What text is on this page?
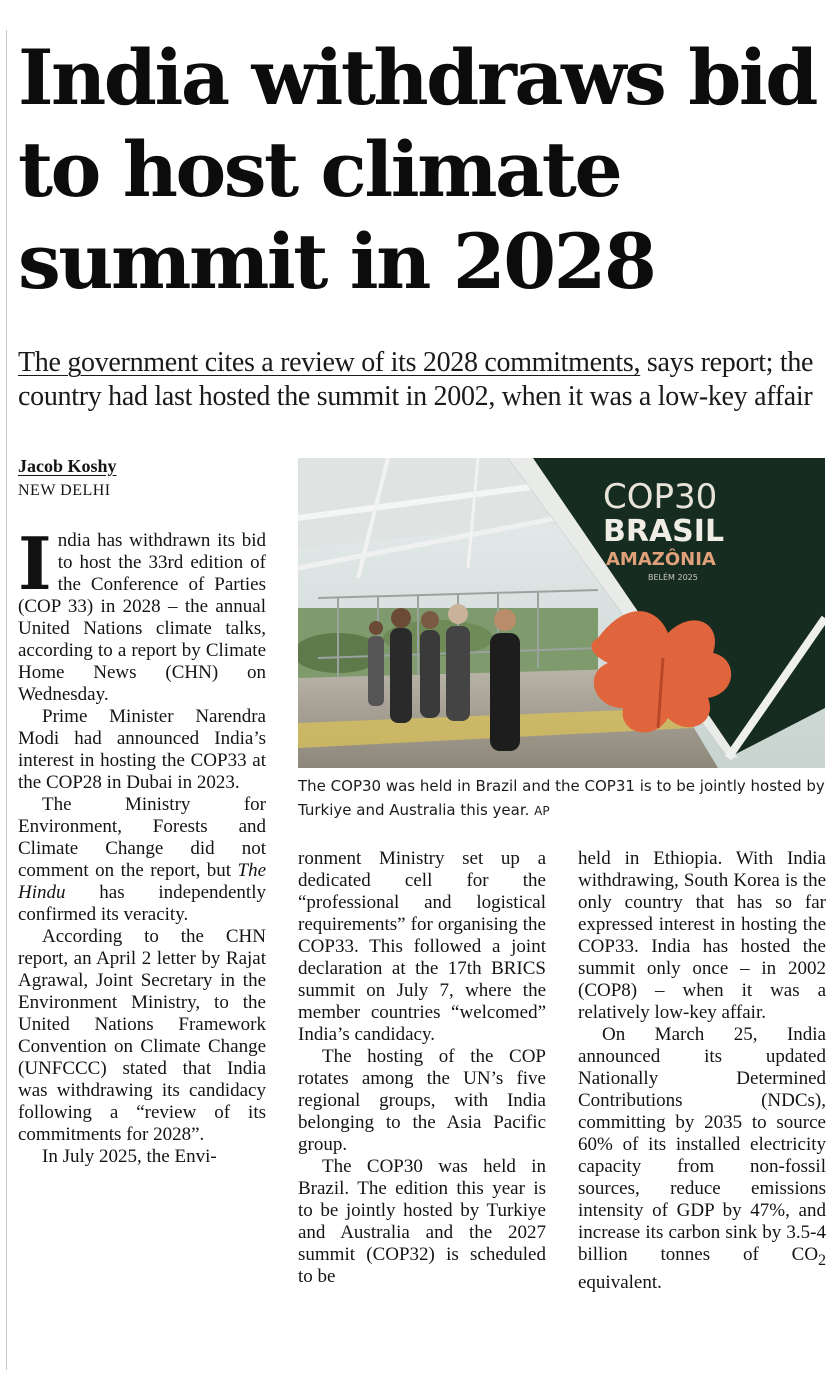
India withdraws bid to host climate summit in 2028

The government cites a review of its 2028 commitments, says report; the country had last hosted the summit in 2002, when it was a low-key affair

Jacob Koshy
NEW DELHI	COP30
BRASIL
AMAZÔNIA
BELÉM 2025
The COP30 was held in Brazil and the COP31 is to be jointly hosted by Turkiye and Australia this year. AP

India has withdrawn its bid to host the 33rd edition of the Conference of Parties (COP 33) in 2028 – the annual United Nations climate talks, according to a report by Climate Home News (CHN) on Wednesday.

Prime Minister Narendra Modi had announced India’s interest in hosting the COP33 at the COP28 in Dubai in 2023.

The Ministry for Environment, Forests and Climate Change did not comment on the report, but The Hindu has independently confirmed its veracity.

According to the CHN report, an April 2 letter by Rajat Agrawal, Joint Secretary in the Environment Ministry, to the United Nations Framework Convention on Climate Change (UNFCCC) stated that India was withdrawing its candidacy following a “review of its commitments for 2028”.

In July 2025, the Envi-

ronment Ministry set up a dedicated cell for the “professional and logistical requirements” for organising the COP33. This followed a joint declaration at the 17th BRICS summit on July 7, where the member countries “welcomed” India’s candidacy.

The hosting of the COP rotates among the UN’s five regional groups, with India belonging to the Asia Pacific group.

The COP30 was held in Brazil. The edition this year is to be jointly hosted by Turkiye and Australia and the 2027 summit (COP32) is scheduled to be

held in Ethiopia. With India withdrawing, South Korea is the only country that has so far expressed interest in hosting the COP33. India has hosted the summit only once – in 2002 (COP8) – when it was a relatively low-key affair.

On March 25, India announced its updated Nationally Determined Contributions (NDCs), committing by 2035 to source 60% of its installed electricity capacity from non-fossil sources, reduce emissions intensity of GDP by 47%, and increase its carbon sink by 3.5-4 billion tonnes of $CO_2$ equivalent.
